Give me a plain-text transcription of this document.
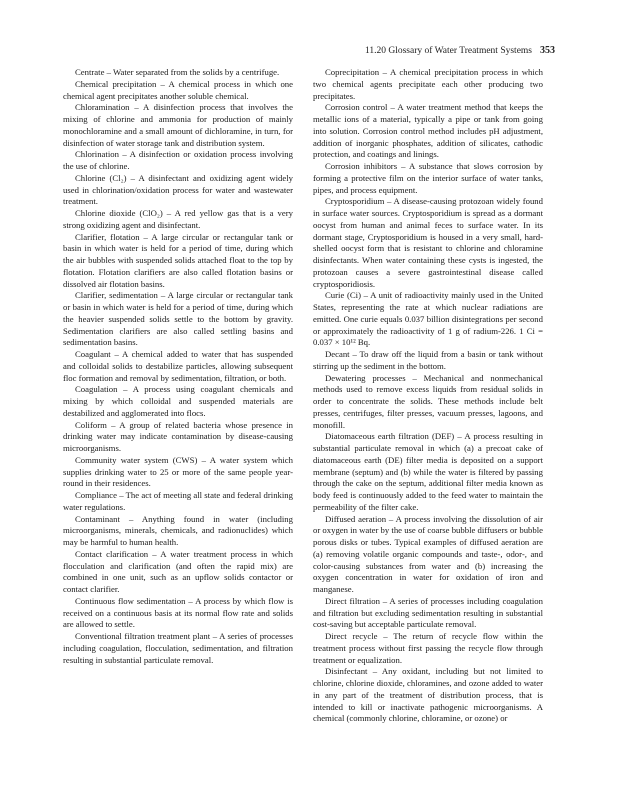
11.20 Glossary of Water Treatment Systems 353

Centrate – Water separated from the solids by a centrifuge.

Chemical precipitation – A chemical process in which one chemical agent precipitates another soluble chemical.

Chloramination – A disinfection process that involves the mixing of chlorine and ammonia for production of mainly monochloramine and a small amount of dichloramine, in turn, for disinfection of water storage tank and distribution system.

Chlorination – A disinfection or oxidation process involving the use of chlorine.

Chlorine (Cl₂) – A disinfectant and oxidizing agent widely used in chlorination/oxidation process for water and wastewater treatment.

Chlorine dioxide (ClO₂) – A red yellow gas that is a very strong oxidizing agent and disinfectant.

Clarifier, flotation – A large circular or rectangular tank or basin in which water is held for a period of time, during which the air bubbles with suspended solids attached float to the top by flotation. Flotation clarifiers are also called flotation basins or dissolved air flotation basins.

Clarifier, sedimentation – A large circular or rectangular tank or basin in which water is held for a period of time, during which the heavier suspended solids settle to the bottom by gravity. Sedimentation clarifiers are also called settling basins and sedimentation basins.

Coagulant – A chemical added to water that has suspended and colloidal solids to destabilize particles, allowing subsequent floc formation and removal by sedimentation, filtration, or both.

Coagulation – A process using coagulant chemicals and mixing by which colloidal and suspended materials are destabilized and agglomerated into flocs.

Coliform – A group of related bacteria whose presence in drinking water may indicate contamination by disease-causing microorganisms.

Community water system (CWS) – A water system which supplies drinking water to 25 or more of the same people year-round in their residences.

Compliance – The act of meeting all state and federal drinking water regulations.

Contaminant – Anything found in water (including microorganisms, minerals, chemicals, and radionuclides) which may be harmful to human health.

Contact clarification – A water treatment process in which flocculation and clarification (and often the rapid mix) are combined in one unit, such as an upflow solids contactor or contact clarifier.

Continuous flow sedimentation – A process by which flow is received on a continuous basis at its normal flow rate and solids are allowed to settle.

Conventional filtration treatment plant – A series of processes including coagulation, flocculation, sedimentation, and filtration resulting in substantial particulate removal.

Coprecipitation – A chemical precipitation process in which two chemical agents precipitate each other producing two precipitates.

Corrosion control – A water treatment method that keeps the metallic ions of a material, typically a pipe or tank from going into solution. Corrosion control method includes pH adjustment, addition of inorganic phosphates, addition of silicates, cathodic protection, and coatings and linings.

Corrosion inhibitors – A substance that slows corrosion by forming a protective film on the interior surface of water tanks, pipes, and process equipment.

Cryptosporidium – A disease-causing protozoan widely found in surface water sources. Cryptosporidium is spread as a dormant oocyst from human and animal feces to surface water. In its dormant stage, Cryptosporidium is housed in a very small, hard-shelled oocyst form that is resistant to chlorine and chloramine disinfectants. When water containing these cysts is ingested, the protozoan causes a severe gastrointestinal disease called cryptosporidiosis.

Curie (Ci) – A unit of radioactivity mainly used in the United States, representing the rate at which nuclear radiations are emitted. One curie equals 0.037 billion disintegrations per second or approximately the radioactivity of 1 g of radium-226. 1 Ci = 0.037 × 10¹² Bq.

Decant – To draw off the liquid from a basin or tank without stirring up the sediment in the bottom.

Dewatering processes – Mechanical and nonmechanical methods used to remove excess liquids from residual solids in order to concentrate the solids. These methods include belt presses, centrifuges, filter presses, vacuum presses, lagoons, and monofill.

Diatomaceous earth filtration (DEF) – A process resulting in substantial particulate removal in which (a) a precoat cake of diatomaceous earth (DE) filter media is deposited on a support membrane (septum) and (b) while the water is filtered by passing through the cake on the septum, additional filter media known as body feed is continuously added to the feed water to maintain the permeability of the filter cake.

Diffused aeration – A process involving the dissolution of air or oxygen in water by the use of coarse bubble diffusers or bubble porous disks or tubes. Typical examples of diffused aeration are (a) removing volatile organic compounds and taste-, odor-, and color-causing substances from water and (b) increasing the oxygen concentration in water for oxidation of iron and manganese.

Direct filtration – A series of processes including coagulation and filtration but excluding sedimentation resulting in substantial cost-saving but acceptable particulate removal.

Direct recycle – The return of recycle flow within the treatment process without first passing the recycle flow through treatment or equalization.

Disinfectant – Any oxidant, including but not limited to chlorine, chlorine dioxide, chloramines, and ozone added to water in any part of the treatment of distribution process, that is intended to kill or inactivate pathogenic microorganisms. A chemical (commonly chlorine, chloramine, or ozone) or
